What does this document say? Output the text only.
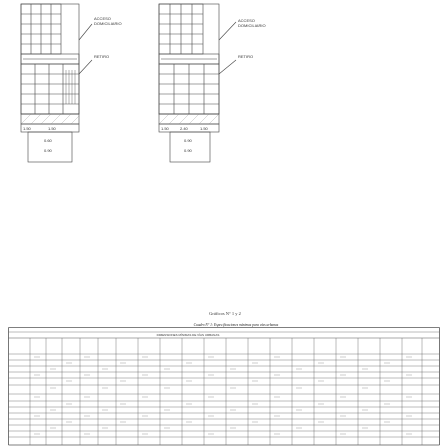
ACCESO
DOMICILIARIO
RETIRO
1.50	1.50
0.60
0.90
ACCESO
DOMICILIARIO
RETIRO
1.50	2.40	1.50
0.90
0.90
Gráficos N° 1 y 2
Cuadro N° 1: Especificaciones mínimas para vías urbanas
DIMENSIONES MÍNIMAS DE VÍAS URBANAS
